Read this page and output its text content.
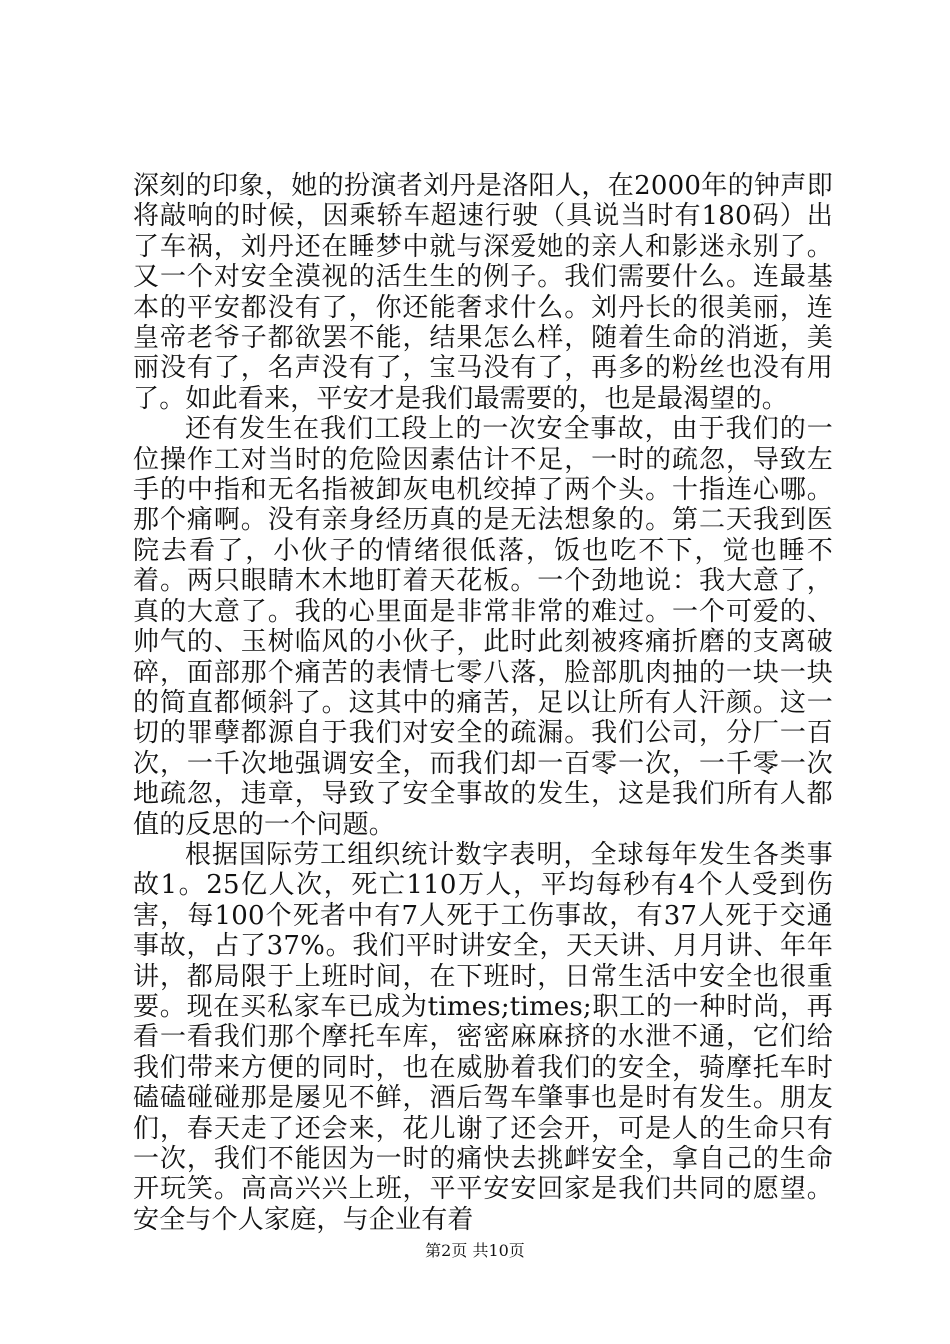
深刻的印象，她的扮演者刘丹是洛阳人，在2000年的钟声即将敲响的时候，因乘轿车超速行驶（具说当时有180码）出了车祸，刘丹还在睡梦中就与深爱她的亲人和影迷永别了。又一个对安全漠视的活生生的例子。我们需要什么。连最基本的平安都没有了，你还能奢求什么。刘丹长的很美丽，连皇帝老爷子都欲罢不能，结果怎么样，随着生命的消逝，美丽没有了，名声没有了，宝马没有了，再多的粉丝也没有用了。如此看来，平安才是我们最需要的，也是最渴望的。

还有发生在我们工段上的一次安全事故，由于我们的一位操作工对当时的危险因素估计不足，一时的疏忽，导致左手的中指和无名指被卸灰电机绞掉了两个头。十指连心哪。那个痛啊。没有亲身经历真的是无法想象的。第二天我到医院去看了，小伙子的情绪很低落，饭也吃不下，觉也睡不着。两只眼睛木木地盯着天花板。一个劲地说：我大意了，真的大意了。我的心里面是非常非常的难过。一个可爱的、帅气的、玉树临风的小伙子，此时此刻被疼痛折磨的支离破碎，面部那个痛苦的表情七零八落，脸部肌肉抽的一块一块的简直都倾斜了。这其中的痛苦，足以让所有人汗颜。这一切的罪孽都源自于我们对安全的疏漏。我们公司，分厂一百次，一千次地强调安全，而我们却一百零一次，一千零一次地疏忽，违章，导致了安全事故的发生，这是我们所有人都值的反思的一个问题。

根据国际劳工组织统计数字表明，全球每年发生各类事故1。25亿人次，死亡110万人，平均每秒有4个人受到伤害，每100个死者中有7人死于工伤事故，有37人死于交通事故，占了37%。我们平时讲安全，天天讲、月月讲、年年讲，都局限于上班时间，在下班时，日常生活中安全也很重要。现在买私家车已成为times;times;职工的一种时尚，再看一看我们那个摩托车库，密密麻麻挤的水泄不通，它们给我们带来方便的同时，也在威胁着我们的安全，骑摩托车时磕磕碰碰那是屡见不鲜，酒后驾车肇事也是时有发生。朋友们，春天走了还会来，花儿谢了还会开，可是人的生命只有一次，我们不能因为一时的痛快去挑衅安全，拿自己的生命开玩笑。高高兴兴上班，平平安安回家是我们共同的愿望。安全与个人家庭，与企业有着

第2页 共10页
